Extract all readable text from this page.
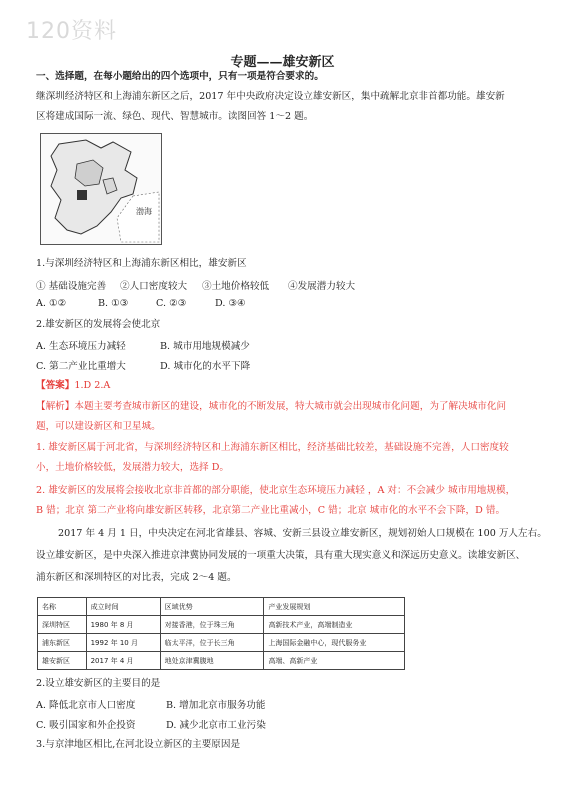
120资料
专题——雄安新区
一、选择题，在每小题给出的四个选项中，只有一项是符合要求的。
继深圳经济特区和上海浦东新区之后，2017 年中央政府决定设立雄安新区，集中疏解北京非首都功能。雄安新
区将建成国际一流、绿色、现代、智慧城市。读图回答 1～2 题。
渤海
1.与深圳经济特区和上海浦东新区相比，雄安新区
① 基础设施完善 ②人口密度较大 ③土地价格较低 ④发展潜力较大
A. ①②	B. ①③	C. ②③	D. ③④
2.雄安新区的发展将会使北京
A. 生态环境压力减轻	B. 城市用地规模减少
C. 第二产业比重增大	D. 城市化的水平下降
【答案】1.D 2.A
【解析】本题主要考查城市新区的建设，城市化的不断发展，特大城市就会出现城市化问题，为了解决城市化问
题，可以建设新区和卫星城。
1. 雄安新区属于河北省，与深圳经济特区和上海浦东新区相比，经济基础比较差，基础设施不完善，人口密度较
小，土地价格较低，发展潜力较大，选择 D。
2. 雄安新区的发展将会接收北京非首都的部分职能，使北京生态环境压力减轻 ，A 对：不会减少 城市用地规模，
B 错；北京 第二产业将向雄安新区转移，北京第二产业比重减小，C 错；北京 城市化的水平不会下降，D 错。
2017 年 4 月 1 日，中央决定在河北省雄县、容城、安新三县设立雄安新区，规划初始人口规模在 100 万人左右。
设立雄安新区，是中央深入推进京津冀协同发展的一项重大决策，具有重大现实意义和深远历史意义。读雄安新区、
浦东新区和深圳特区的对比表，完成 2～4 题。
名称	成立时间	区域优势	产业发展规划
深圳特区	1980 年 8 月	对接香港，位于珠三角	高新技术产业，高端制造业
浦东新区	1992 年 10 月	临太平洋，位于长三角	上海国际金融中心，现代服务业
雄安新区	2017 年 4 月	地处京津冀腹地	高端、高新产业
2.设立雄安新区的主要目的是
A. 降低北京市人口密度	B. 增加北京市服务功能
C. 吸引国家和外企投资	D. 减少北京市工业污染
3.与京津地区相比,在河北设立新区的主要原因是
